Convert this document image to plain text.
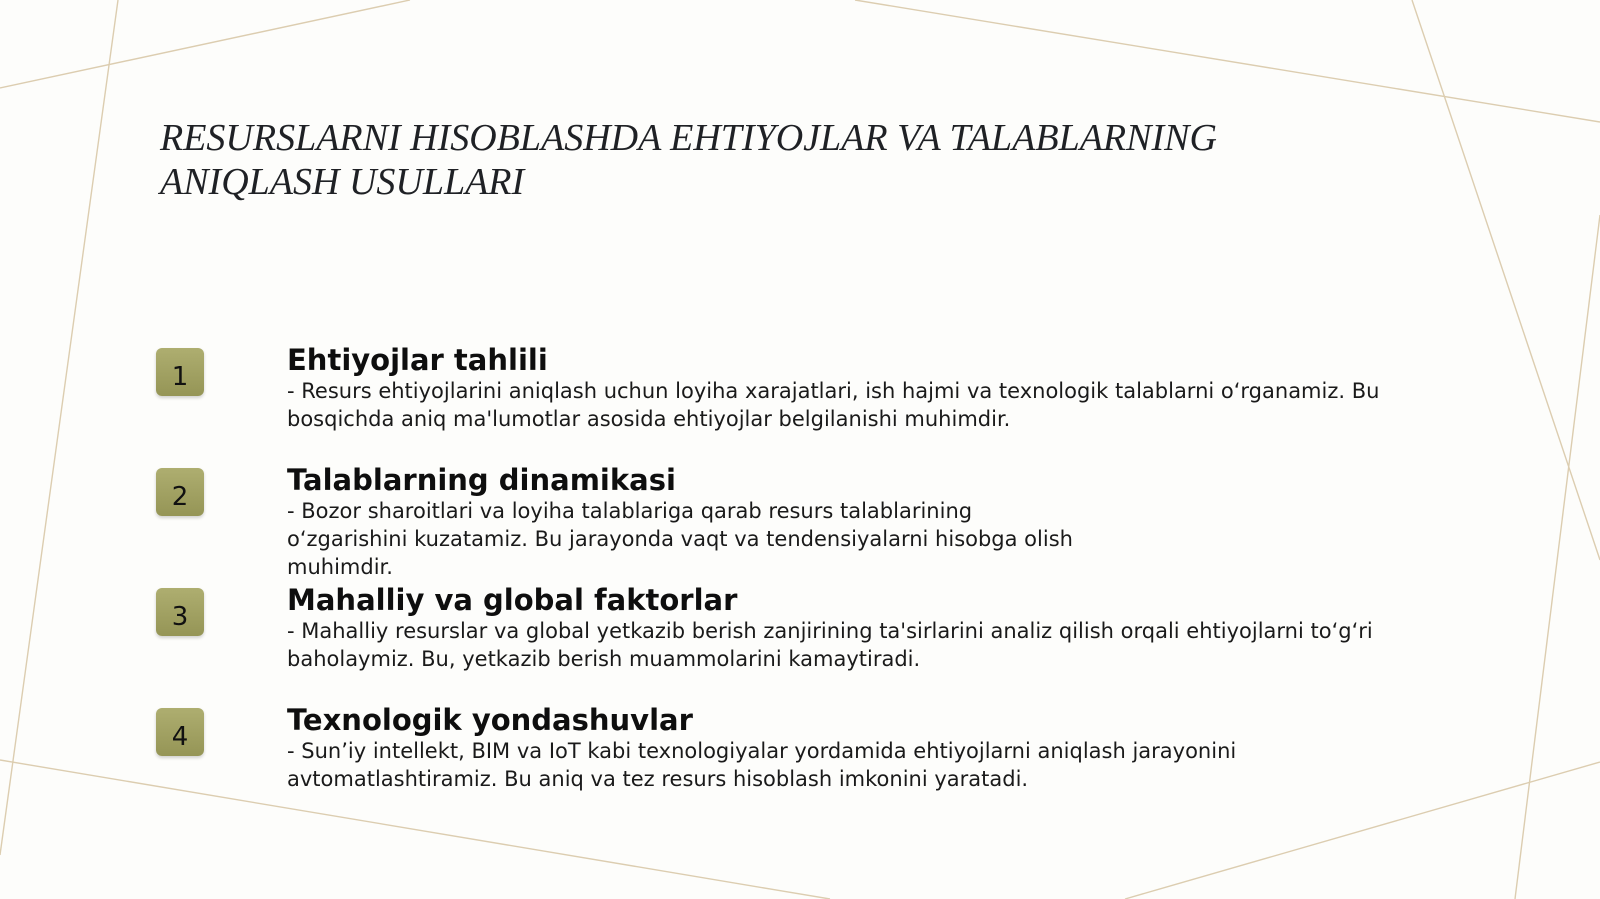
RESURSLARNI HISOBLASHDA EHTIYOJLAR VA TALABLARNING
ANIQLASH USULLARI
1	Ehtiyojlar tahlili

- Resurs ehtiyojlarini aniqlash uchun loyiha xarajatlari, ish hajmi va texnologik talablarni o‘rganamiz. Bu bosqichda aniq ma'lumotlar asosida ehtiyojlar belgilanishi muhimdir.

2	Talablarning dinamikasi

- Bozor sharoitlari va loyiha talablariga qarab resurs talablarining
o‘zgarishini kuzatamiz. Bu jarayonda vaqt va tendensiyalarni hisobga olish
muhimdir.

3	Mahalliy va global faktorlar

- Mahalliy resurslar va global yetkazib berish zanjirining ta'sirlarini analiz qilish orqali ehtiyojlarni to‘g‘ri baholaymiz. Bu, yetkazib berish muammolarini kamaytiradi.

4	Texnologik yondashuvlar

- Sun’iy intellekt, BIM va IoT kabi texnologiyalar yordamida ehtiyojlarni aniqlash jarayonini avtomatlashtiramiz. Bu aniq va tez resurs hisoblash imkonini yaratadi.
